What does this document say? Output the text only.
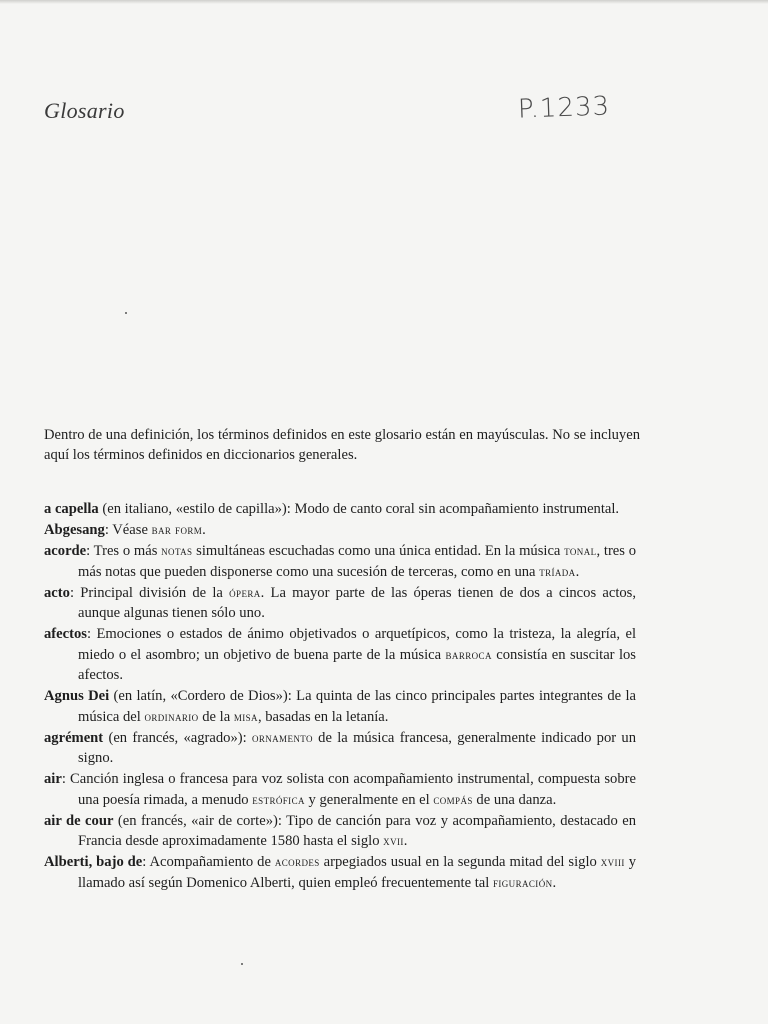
Glosario	P.1233

Dentro de una definición, los términos definidos en este glosario están en mayúsculas. No se incluyen aquí los términos definidos en diccionarios generales.

a capella (en italiano, «estilo de capilla»): Modo de canto coral sin acompañamiento instrumental.

Abgesang: Véase bar form.

acorde: Tres o más notas simultáneas escuchadas como una única entidad. En la música tonal, tres o más notas que pueden disponerse como una sucesión de terceras, como en una tríada.

acto: Principal división de la ópera. La mayor parte de las óperas tienen de dos a cincos actos, aunque algunas tienen sólo uno.

afectos: Emociones o estados de ánimo objetivados o arquetípicos, como la tristeza, la alegría, el miedo o el asombro; un objetivo de buena parte de la música barroca consistía en suscitar los afectos.

Agnus Dei (en latín, «Cordero de Dios»): La quinta de las cinco principales partes integrantes de la música del ordinario de la misa, basadas en la letanía.

agrément (en francés, «agrado»): ornamento de la música francesa, generalmente indicado por un signo.

air: Canción inglesa o francesa para voz solista con acompañamiento instrumental, compuesta sobre una poesía rimada, a menudo estrófica y generalmente en el compás de una danza.

air de cour (en francés, «air de corte»): Tipo de canción para voz y acompañamiento, destacado en Francia desde aproximadamente 1580 hasta el siglo xvii.

Alberti, bajo de: Acompañamiento de acordes arpegiados usual en la segunda mitad del siglo xviii y llamado así según Domenico Alberti, quien empleó frecuentemente tal figuración.
